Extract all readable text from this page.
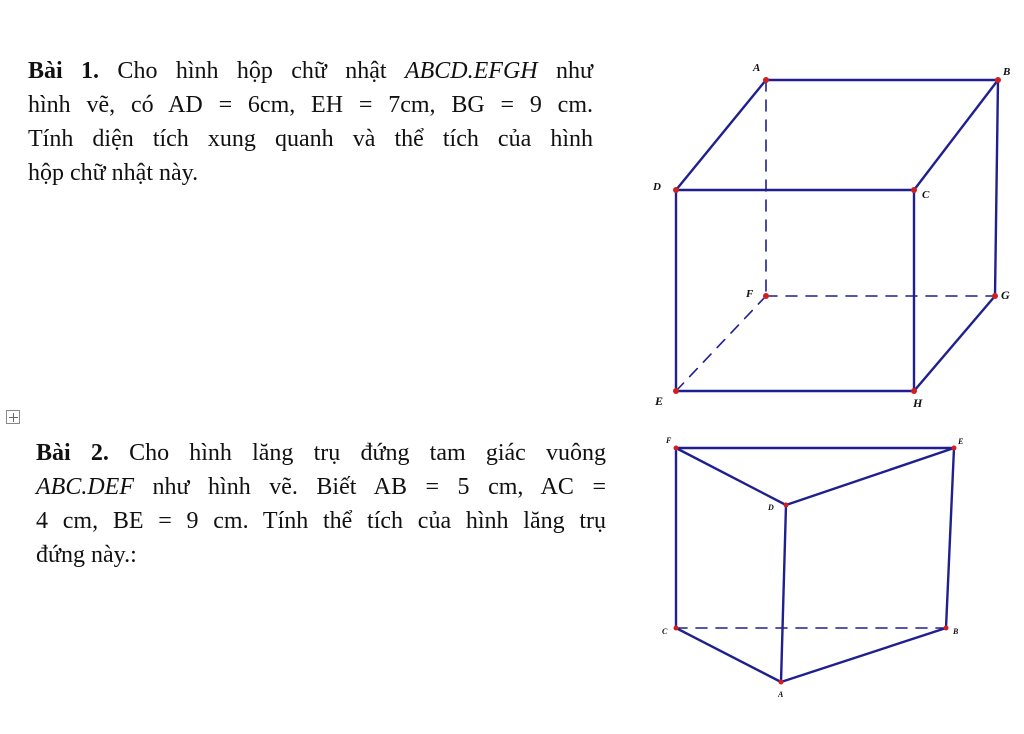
Bài 1. Cho hình hộp chữ nhật ABCD.EFGH như
hình vẽ, có AD = 6cm, EH = 7cm, BG = 9 cm.
Tính diện tích xung quanh và thể tích của hình
hộp chữ nhật này.
Bài 2. Cho hình lăng trụ đứng tam giác vuông
ABC.DEF như hình vẽ. Biết AB = 5 cm, AC =
4 cm, BE = 9 cm. Tính thể tích của hình lăng trụ
đứng này.:
A	B
C
D
E
F	G
H
A
B
C
D
E
F
